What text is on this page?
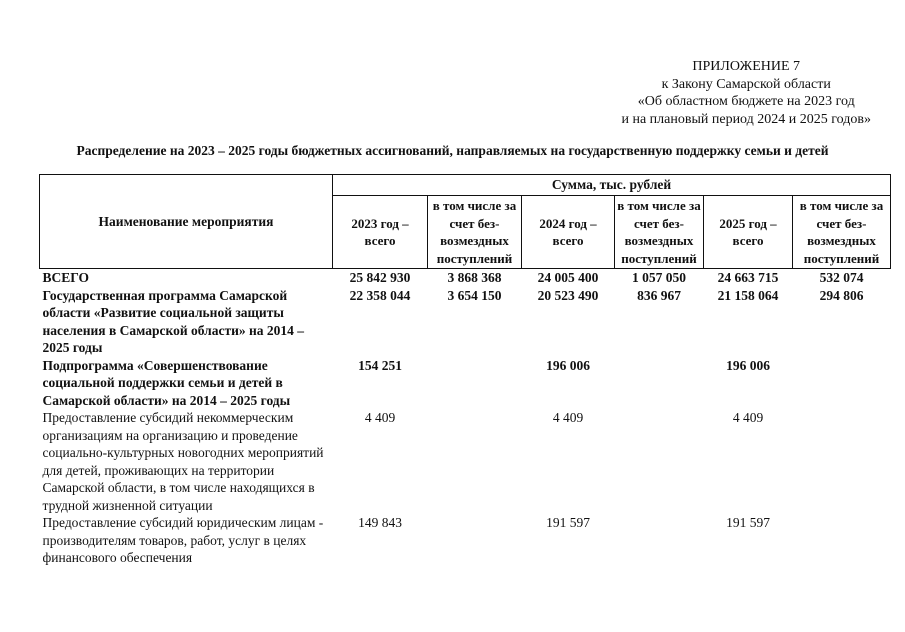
ПРИЛОЖЕНИЕ 7
к Закону Самарской области
«Об областном бюджете на 2023 год
и на плановый период 2024 и 2025 годов»
Распределение на 2023 – 2025 годы бюджетных ассигнований, направляемых на государственную поддержку семьи и детей
Наименование мероприятия	Сумма, тыс. рублей					
	2023 год – всего	в том числе за счет без-возмездных поступлений	2024 год – всего	в том числе за счет без-возмездных поступлений	2025 год – всего	в том числе за счет без-возмездных поступлений
ВСЕГО	25 842 930	3 868 368	24 005 400	1 057 050	24 663 715	532 074
Государственная программа Самарской области «Развитие социальной защиты населения в Самарской области» на 2014 – 2025 годы	22 358 044	3 654 150	20 523 490	836 967	21 158 064	294 806
Подпрограмма «Совершенствование социальной поддержки семьи и детей в Самарской области» на 2014 – 2025 годы	154 251		196 006		196 006	
Предоставление субсидий некоммерческим организациям на организацию и проведение социально-культурных новогодних мероприятий для детей, проживающих на территории Самарской области, в том числе находящихся в трудной жизненной ситуации	4 409		4 409		4 409	
Предоставление субсидий юридическим лицам - производителям товаров, работ, услуг в целях финансового обеспечения	149 843		191 597		191 597	
